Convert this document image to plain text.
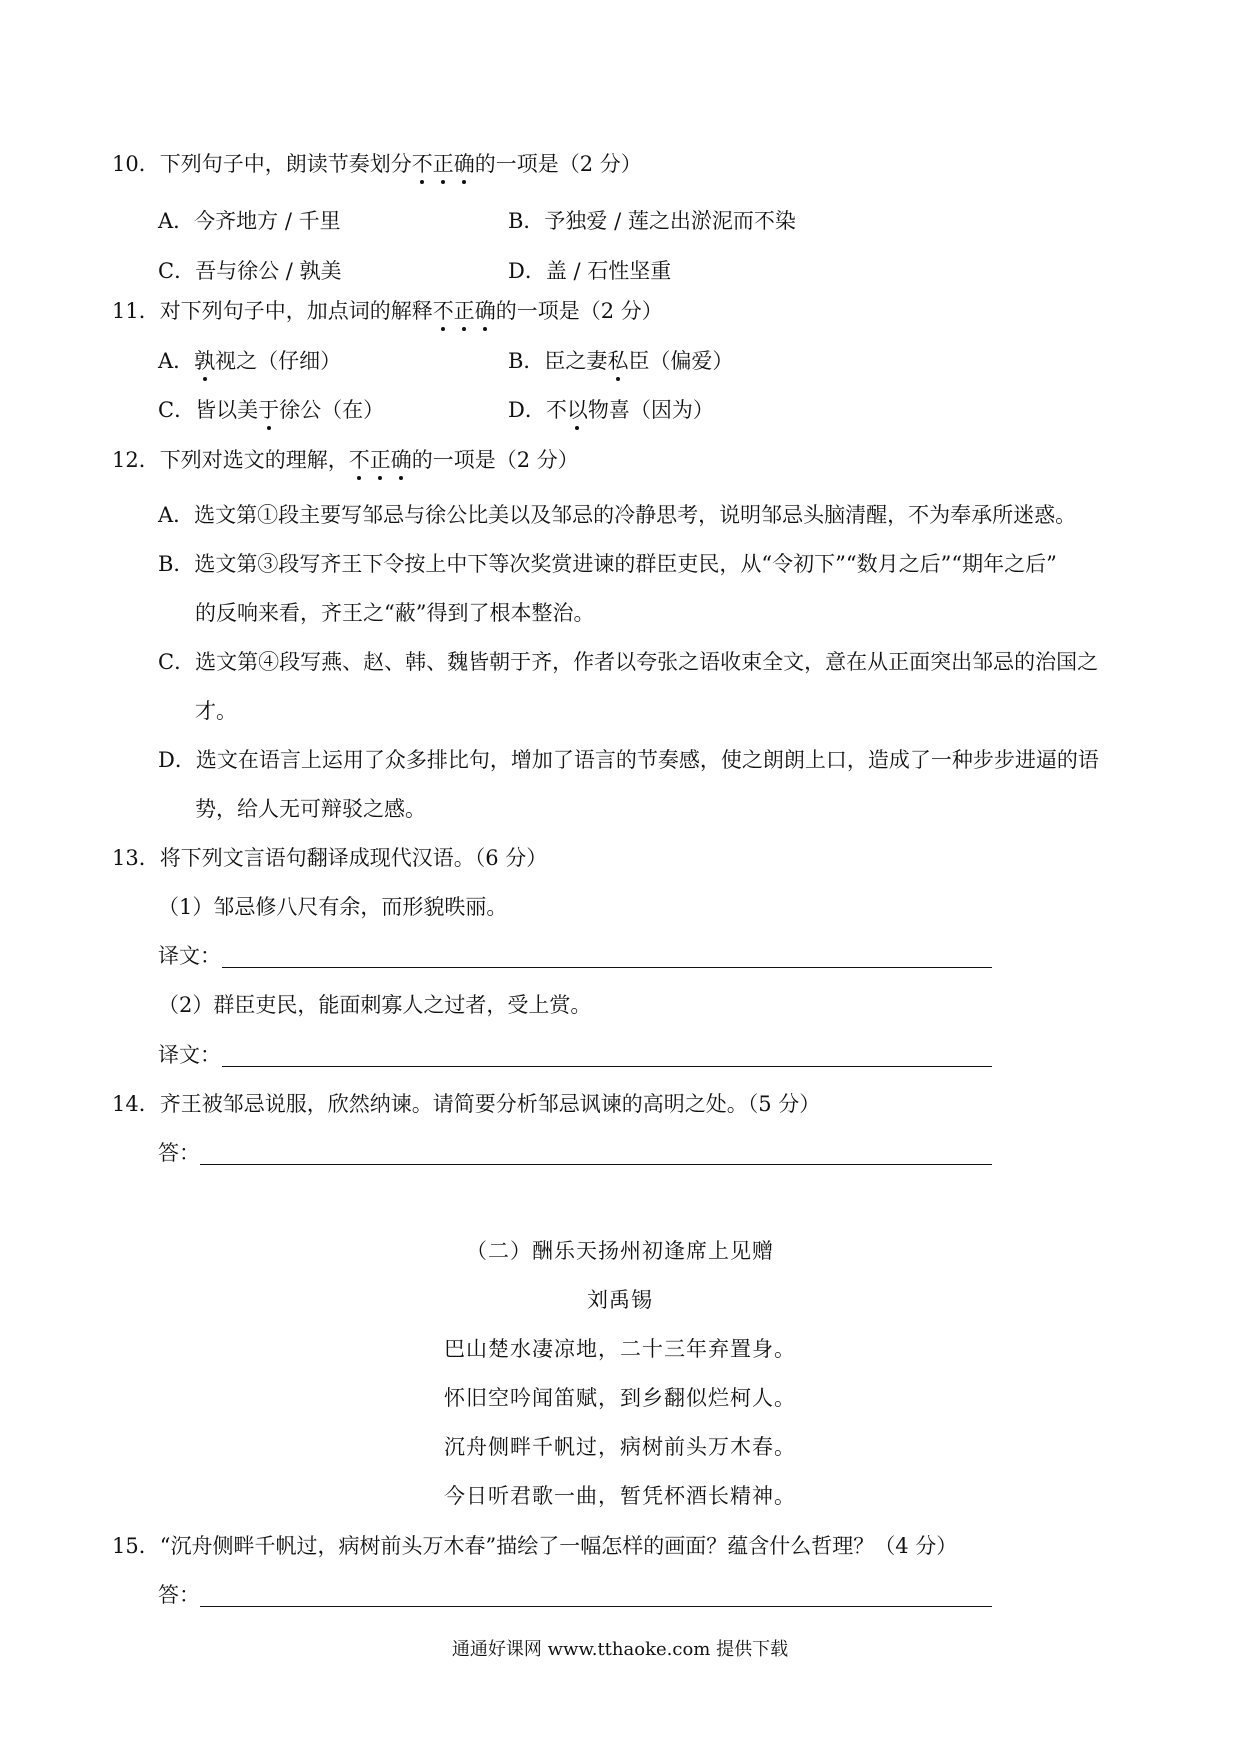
10．下列句子中，朗读节奏划分不正确的一项是（2 分）
A．今齐地方 / 千里	B．予独爱 / 莲之出淤泥而不染
C．吾与徐公 / 孰美	D．盖 / 石性坚重
11．对下列句子中，加点词的解释不正确的一项是（2 分）
A．孰视之（仔细）	B．臣之妻私臣（偏爱）
C．皆以美于徐公（在）	D．不以物喜（因为）
12．下列对选文的理解，不正确的一项是（2 分）
A．选文第①段主要写邹忌与徐公比美以及邹忌的冷静思考，说明邹忌头脑清醒，不为奉承所迷惑。
B．选文第③段写齐王下令按上中下等次奖赏进谏的群臣吏民，从“令初下”“数月之后”“期年之后”
的反响来看，齐王之“蔽”得到了根本整治。
C．选文第④段写燕、赵、韩、魏皆朝于齐，作者以夸张之语收束全文，意在从正面突出邹忌的治国之
才。
D．选文在语言上运用了众多排比句，增加了语言的节奏感，使之朗朗上口，造成了一种步步进逼的语
势，给人无可辩驳之感。
13．将下列文言语句翻译成现代汉语。（6 分）
（1）邹忌修八尺有余，而形貌昳丽。
译文：
（2）群臣吏民，能面刺寡人之过者，受上赏。
译文：
14．齐王被邹忌说服，欣然纳谏。请简要分析邹忌讽谏的高明之处。（5 分）
答：
（二）酬乐天扬州初逢席上见赠
刘禹锡
巴山楚水凄凉地，二十三年弃置身。
怀旧空吟闻笛赋，到乡翻似烂柯人。
沉舟侧畔千帆过，病树前头万木春。
今日听君歌一曲，暂凭杯酒长精神。
15．“沉舟侧畔千帆过，病树前头万木春”描绘了一幅怎样的画面？蕴含什么哲理？（4 分）
答：
通通好课网 www.tthaoke.com 提供下载
